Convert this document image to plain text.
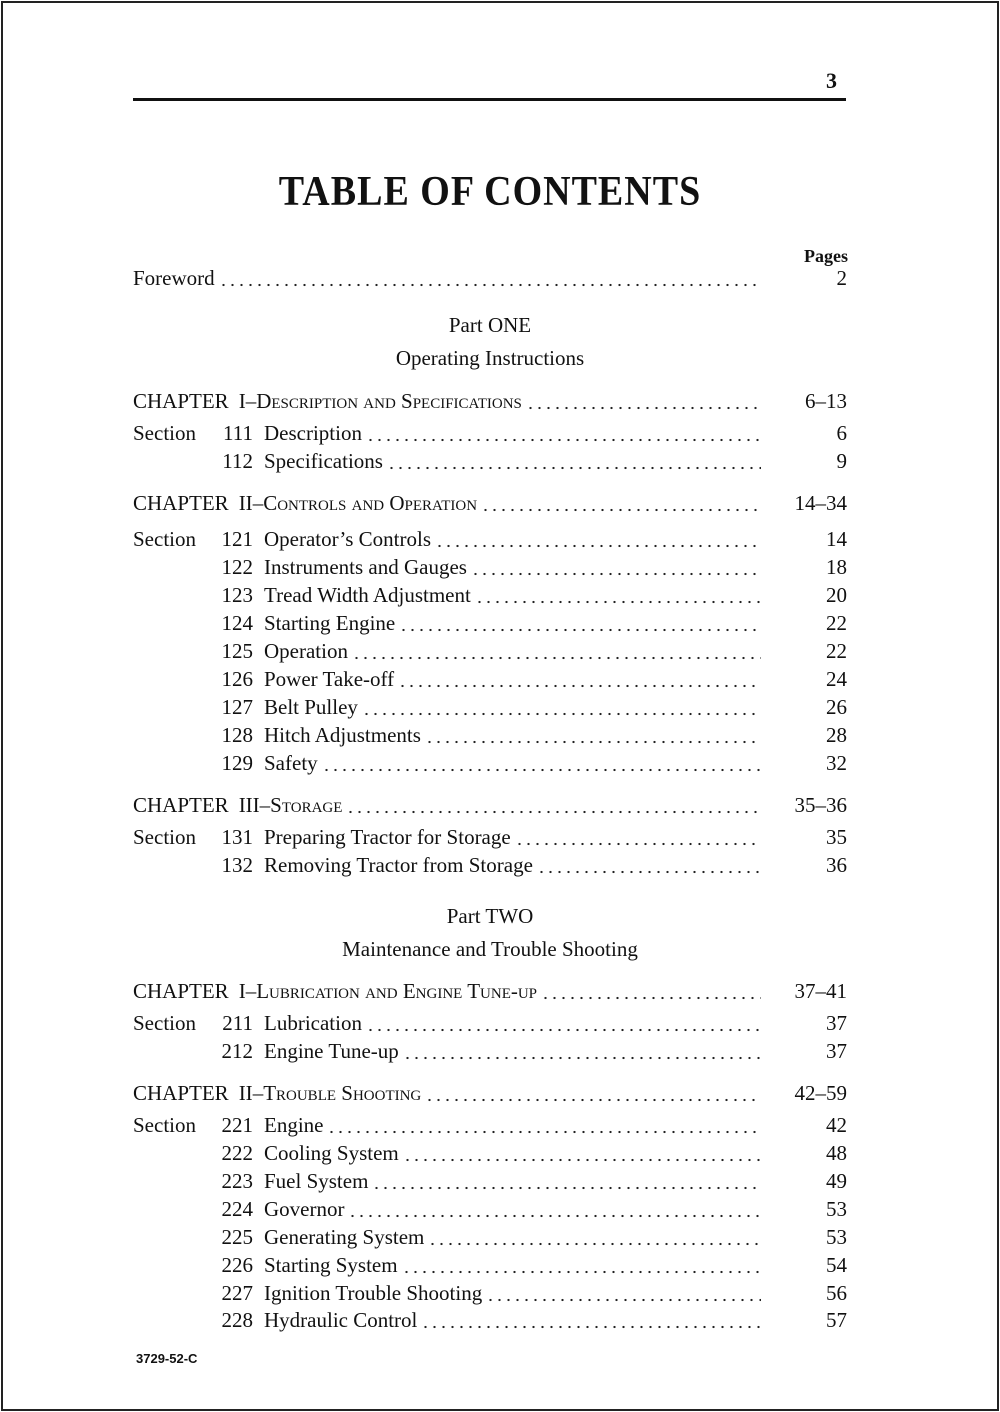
3
TABLE OF CONTENTS
Pages
Foreword	2
Part ONE
Operating Instructions
CHAPTER I – Description and Specifications	6–13
Section	111 Description	6
112 Specifications	9
CHAPTER II – Controls and Operation	14–34
Section	121 Operator’s Controls	14
122 Instruments and Gauges	18
123 Tread Width Adjustment	20
124 Starting Engine	22
125 Operation	22
126 Power Take-off	24
127 Belt Pulley	26
128 Hitch Adjustments	28
129 Safety	32
CHAPTER III – Storage	35–36
Section	131 Preparing Tractor for Storage	35
132 Removing Tractor from Storage	36
Part TWO
Maintenance and Trouble Shooting
CHAPTER I – Lubrication and Engine Tune-up	37–41
Section	211 Lubrication	37
212 Engine Tune-up	37
CHAPTER II – Trouble Shooting	42–59
Section	221 Engine	42
222 Cooling System	48
223 Fuel System	49
224 Governor	53
225 Generating System	53
226 Starting System	54
227 Ignition Trouble Shooting	56
228 Hydraulic Control	57
3729-52-C
